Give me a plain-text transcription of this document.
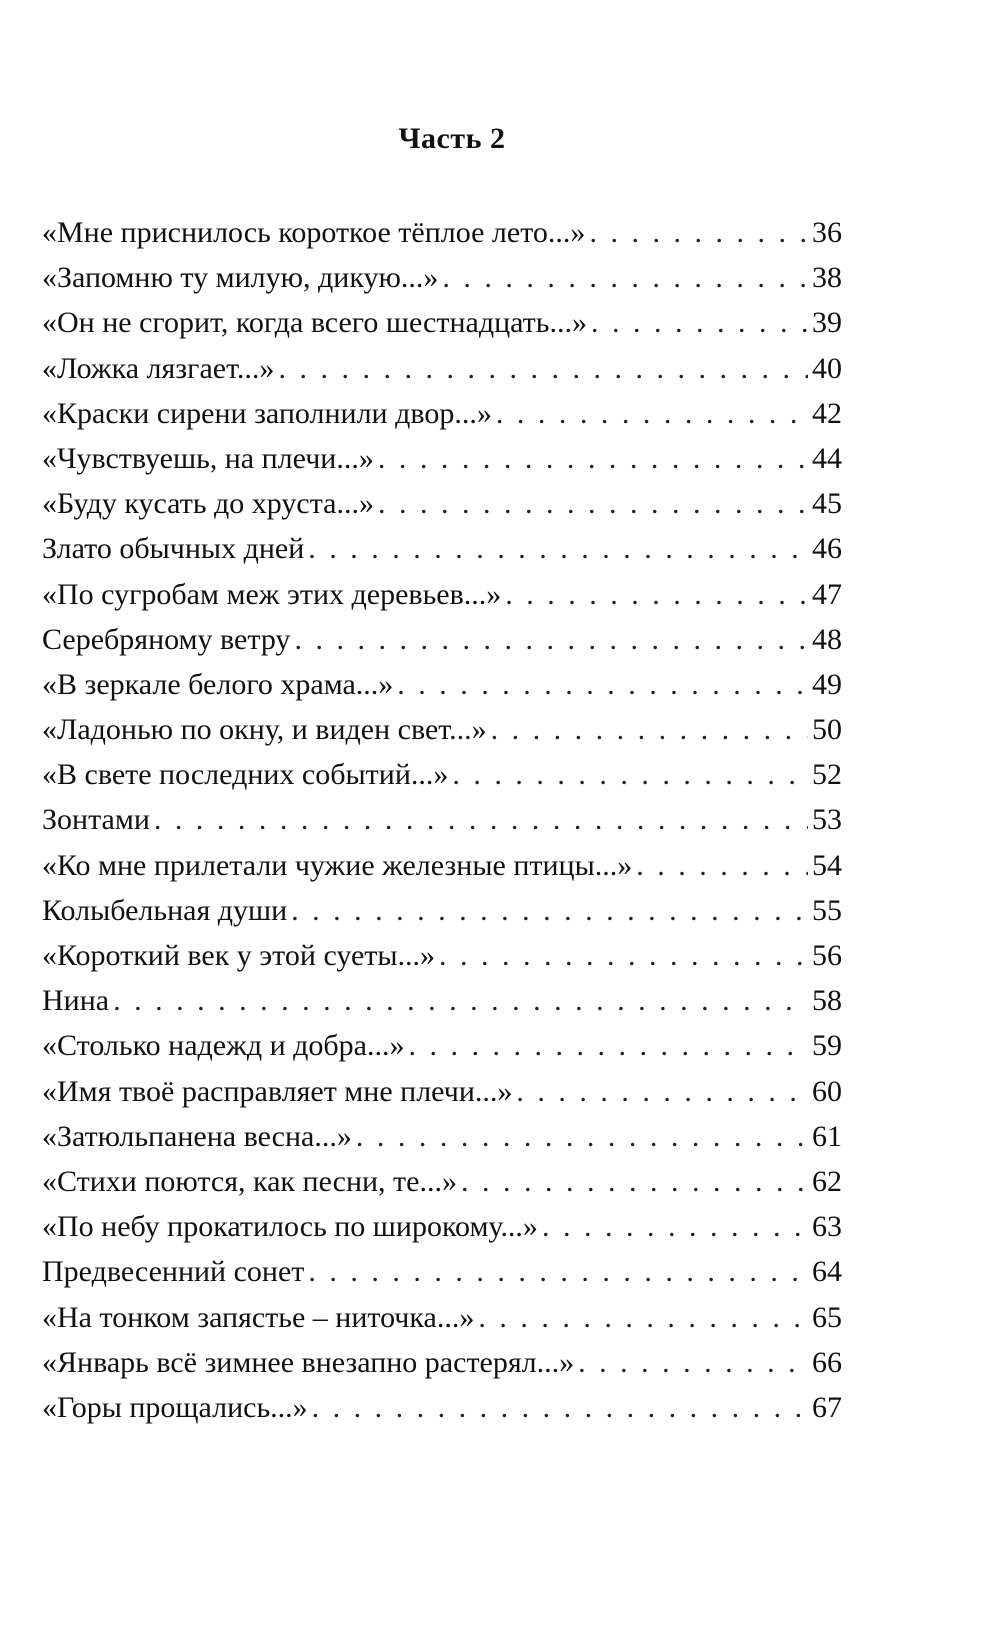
Часть 2
«Мне приснилось короткое тёплое лето...» . . .	36
«Запомню ту милую, дикую...» . . .	38
«Он не сгорит, когда всего шестнадцать...» . . .	39
«Ложка лязгает...» . . .	40
«Краски сирени заполнили двор...» . . .	42
«Чувствуешь, на плечи...» . . .	44
«Буду кусать до хруста...» . . .	45
Злато обычных дней . . .	46
«По сугробам меж этих деревьев...» . . .	47
Серебряному ветру . . .	48
«В зеркале белого храма...» . . .	49
«Ладонью по окну, и виден свет...» . . .	50
«В свете последних событий...» . . .	52
Зонтами . . .	53
«Ко мне прилетали чужие железные птицы...» . . .	54
Колыбельная души . . .	55
«Короткий век у этой суеты...» . . .	56
Нина . . .	58
«Столько надежд и добра...» . . .	59
«Имя твоё расправляет мне плечи...» . . .	60
«Затюльпанена весна...» . . .	61
«Стихи поются, как песни, те...» . . .	62
«По небу прокатилось по широкому...» . . .	63
Предвесенний сонет . . .	64
«На тонком запястье – ниточка...» . . .	65
«Январь всё зимнее внезапно растерял...» . . .	66
«Горы прощались...» . . .	67
